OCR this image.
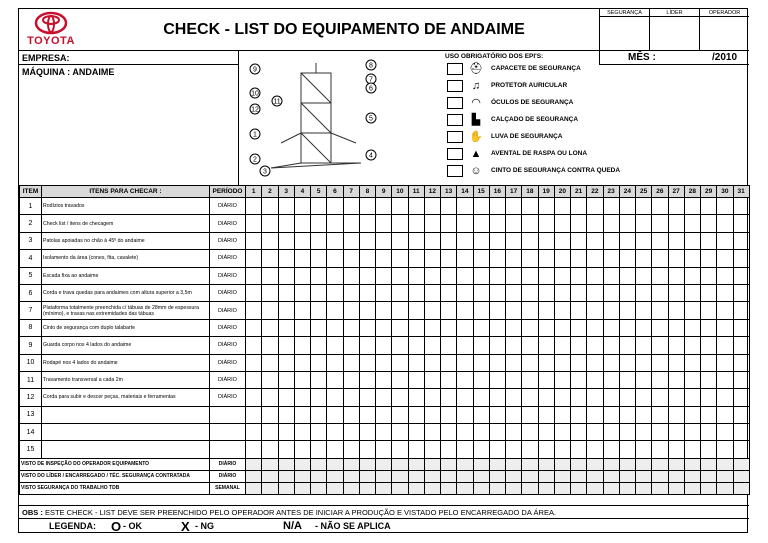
TOYOTA
CHECK - LIST DO EQUIPAMENTO DE ANDAIME
SEGURANÇA	LÍDER	OPERADOR
EMPRESA:
MÁQUINA : ANDAIME	9
8
7
6
10
11
12
5
1
4
2
3
USO OBRIGATÓRIO DOS EPI'S:
⛑ CAPACETE DE SEGURANÇA
♫	PROTETOR AURICULAR
◠	ÓCULOS DE SEGURANÇA
▙	CALÇADO DE SEGURANÇA
✋ LUVA DE SEGURANÇA
▲ AVENTAL DE RASPA OU LONA
☺ CINTO DE SEGURANÇA CONTRA QUEDA
MÊS :	/2010
ITEM	ITENS PARA CHECAR :	PERÍODO	1	2	3	4	5	6	7	8	9	10	11	12	13	14	15	16	17	18	19	20	21	22	23	24	25	26	27	28	29	30	31
1	Rodízios travados	DIÁRIO																															
2	Check list / itens de checagem	DIÁRIO																															
3	Patolas apoiadas no chão à 45º do andaime	DIÁRIO																															
4	Isolamento da área (cones, fita, cavalete)	DIÁRIO																															
5	Escada fixa ao andaime	DIÁRIO																															
6	Corda e trava quedas para andaimes com altura superior a 3,5m	DIÁRIO																															
7	Plataforma totalmente preenchida c/ tábuas de 28mm de espessura (mínimo), e travas nas extremidades das tábuas	DIÁRIO																															
8	Cinto de segurança com duplo talabarte	DIÁRIO																															
9	Guarda corpo nos 4 lados do andaime	DIÁRIO																															
10	Rodapé nos 4 lados do andaime	DIÁRIO																															
11	Travamento transversal a cada 2m	DIÁRIO																															
12	Corda para subir e descer peças, materiais e ferramentas	DIÁRIO																															
13																																	
14																																	
15																																	
VISTO DE INSPEÇÃO DO OPERADOR EQUIPAMENTO		DIÁRIO																															
VISTO DO LÍDER / ENCARREGADO / TÉC. SEGURANÇA CONTRATADA		DIÁRIO																															
VISTO SEGURANÇA DO TRABALHO TDB		SEMANAL																															
OBS : ESTE CHECK - LIST DEVE SER PREENCHIDO PELO OPERADOR ANTES DE INICIAR A PRODUÇÃO E VISTADO PELO ENCARREGADO DA ÁREA.
LEGENDA: O - OK	X - NG	N/A - NÃO SE APLICA
